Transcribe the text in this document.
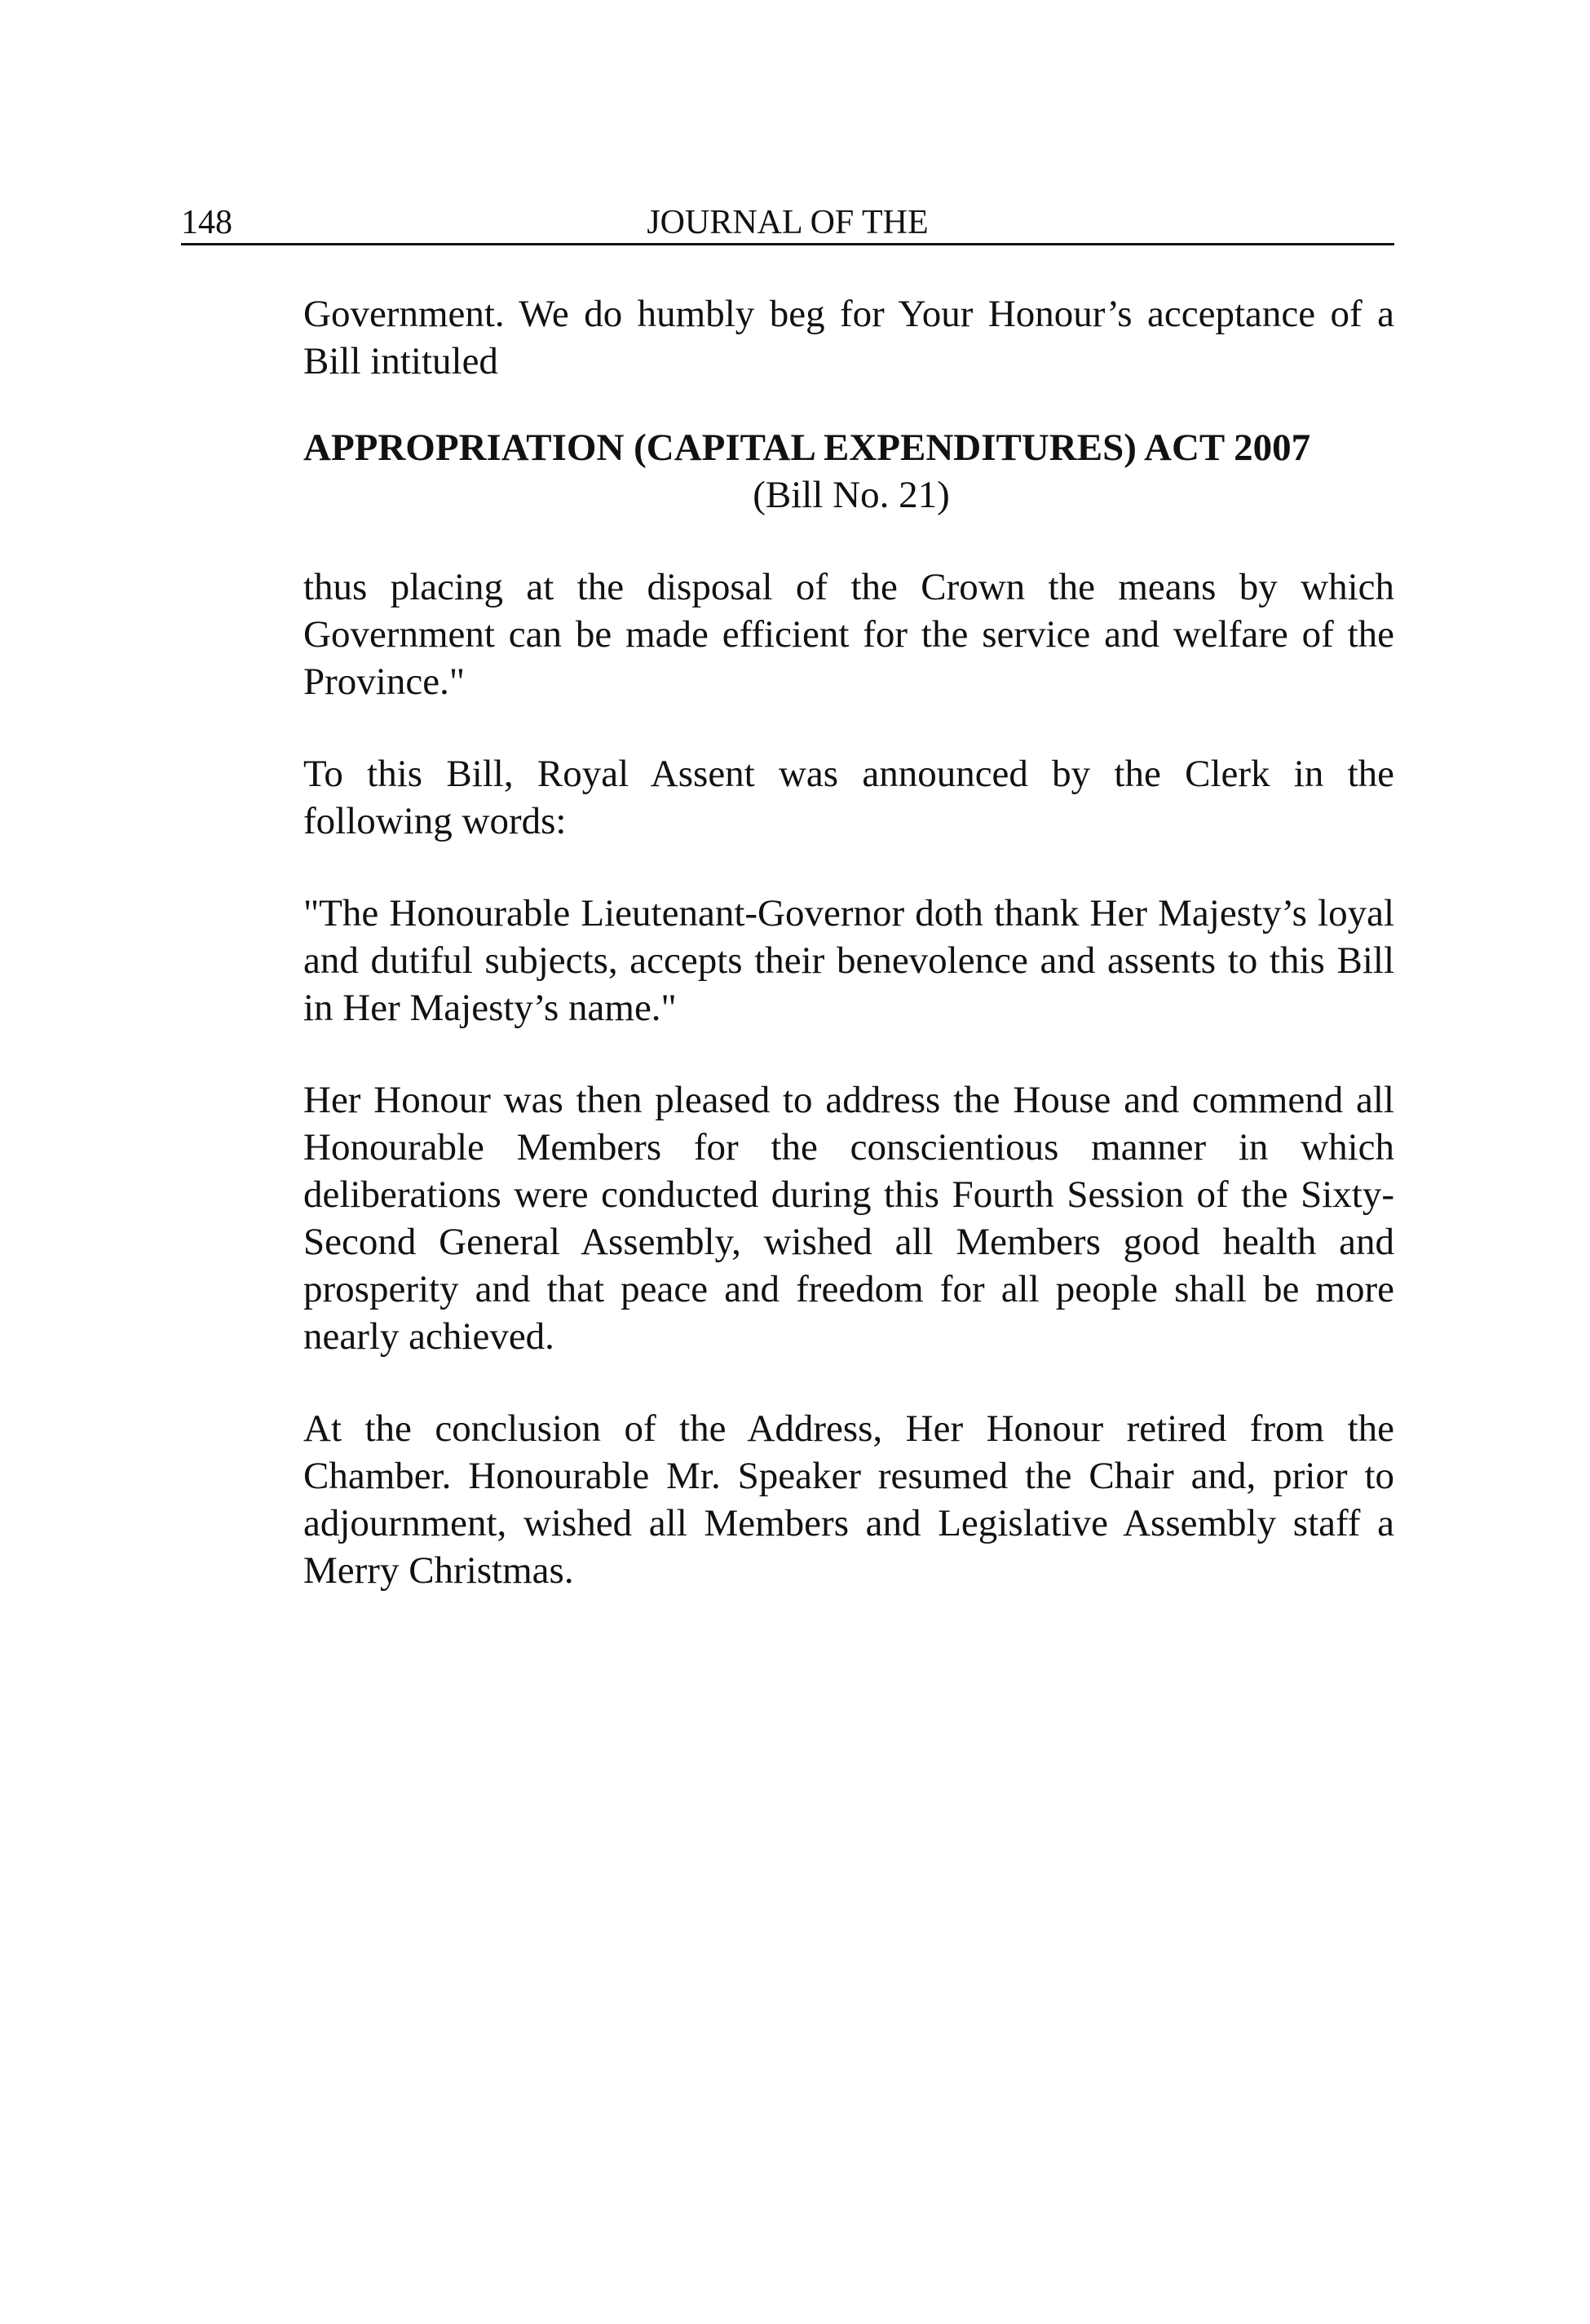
148	JOURNAL OF THE

Government. We do humbly beg for Your Honour’s acceptance of a Bill intituled

APPROPRIATION (CAPITAL EXPENDITURES) ACT 2007

(Bill No. 21)

thus placing at the disposal of the Crown the means by which Government can be made efficient for the service and welfare of the Province."

To this Bill, Royal Assent was announced by the Clerk in the following words:

"The Honourable Lieutenant-Governor doth thank Her Majesty’s loyal and dutiful subjects, accepts their benevolence and assents to this Bill in Her Majesty’s name."

Her Honour was then pleased to address the House and commend all Honourable Members for the conscientious manner in which deliberations were conducted during this Fourth Session of the Sixty-Second General Assembly, wished all Members good health and prosperity and that peace and freedom for all people shall be more nearly achieved.

At the conclusion of the Address, Her Honour retired from the Chamber. Honourable Mr. Speaker resumed the Chair and, prior to adjournment, wished all Members and Legislative Assembly staff a Merry Christmas.
